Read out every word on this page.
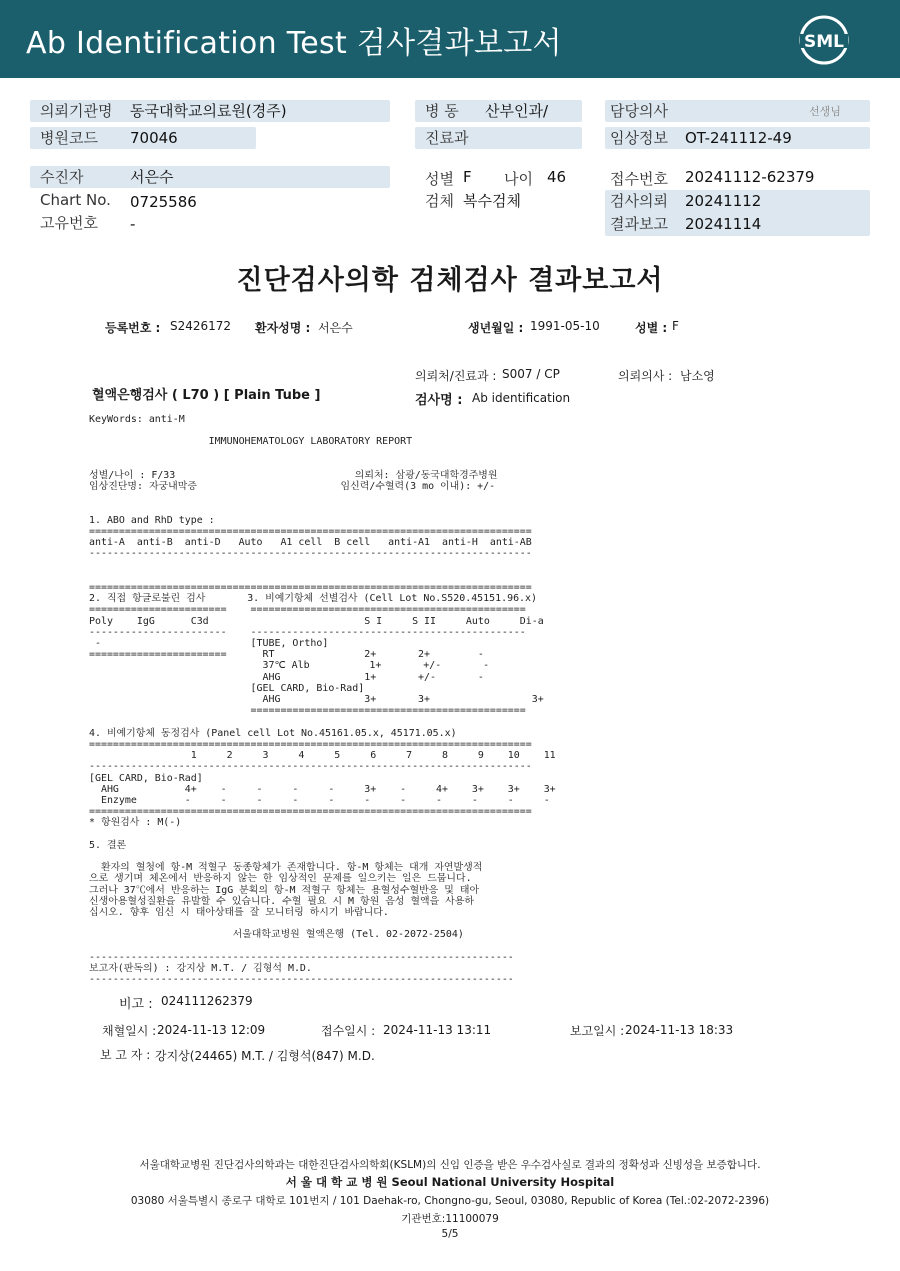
Ab Identification Test 검사결과보고서	SML
의뢰기관명 동국대학교의료원(경주)
병원코드 70046
병 동 산부인과/
진료과
담당의사	선생님
임상정보 OT-241112-49
수진자	서은수
Chart No. 0725586
고유번호 -
성별 F 나이 46
검체 복수검체
접수번호 20241112-62379
검사의뢰 20241112
결과보고 20241114
진단검사의학 검체검사 결과보고서
등록번호 : S2426172 환자성명 : 서은수	생년월일 : 1991-05-10	성별 : F
의뢰처/진료과 : S007 / CP	의뢰의사 : 남소영
혈액은행검사 ( L70 ) [ Plain Tube ]	검사명 : Ab identification
KeyWords: anti-M

IMMUNOHEMATOLOGY LABORATORY REPORT

성별/나이 : F/33                              의뢰처: 삼광/동국대학경주병원
임상진단명: 자궁내막증                        임신력/수혈력(3 mo 이내): +/-

1. ABO and RhD type :
==========================================================================
anti-A  anti-B  anti-D   Auto   A1 cell  B cell   anti-A1  anti-H  anti-AB
--------------------------------------------------------------------------

==========================================================================
2. 직접 항글로불린 검사       3. 비예기항체 선별검사 (Cell Lot No.S520.45151.96.x)
=======================    ==============================================
Poly    IgG      C3d                          S I     S II     Auto     Di-a
-----------------------    ----------------------------------------------
-                         [TUBE, Ortho]
=======================      RT               2+       2+        -
37℃ Alb          1+       +/-       -
AHG              1+       +/-       -
[GEL CARD, Bio-Rad]
AHG              3+       3+                 3+
==============================================

4. 비예기항체 동정검사 (Panel cell Lot No.45161.05.x, 45171.05.x)
==========================================================================
1     2     3     4     5     6     7     8     9    10    11
--------------------------------------------------------------------------
[GEL CARD, Bio-Rad]
AHG           4+    -     -     -     -     3+    -     4+    3+    3+    3+
Enzyme        -     -     -     -     -     -     -     -     -     -     -
==========================================================================
* 항원검사 : M(-)

5. 결론

환자의 혈청에 항-M 적혈구 동종항체가 존재합니다. 항-M 항체는 대개 자연발생적
으로 생기며 체온에서 반응하지 않는 한 임상적인 문제를 일으키는 일은 드뭅니다.
그러나 37℃에서 반응하는 IgG 분획의 항-M 적혈구 항체는 용혈성수혈반응 및 태아
신생아용혈성질환을 유발할 수 있습니다. 수혈 필요 시 M 항원 음성 혈액을 사용하
십시오. 향후 임신 시 태아상태를 잘 모니터링 하시기 바랍니다.

서울대학교병원 혈액은행 (Tel. 02-2072-2504)

-----------------------------------------------------------------------
보고자(판독의) : 강지상 M.T. / 김형석 M.D.
-----------------------------------------------------------------------
비고 : 024111262379
채혈일시 : 2024-11-13 12:09	접수일시 : 2024-11-13 13:11	보고일시 : 2024-11-13 18:33
보 고 자 : 강지상(24465) M.T. / 김형석(847) M.D.
서울대학교병원 진단검사의학과는 대한진단검사의학회(KSLM)의 신임 인증을 받은 우수검사실로 결과의 정확성과 신빙성을 보증합니다.
서 울 대 학 교 병 원 Seoul National University Hospital
03080 서울특별시 종로구 대학로 101번지 / 101 Daehak-ro, Chongno-gu, Seoul, 03080, Republic of Korea (Tel.:02-2072-2396)
기관번호:11100079
5/5
